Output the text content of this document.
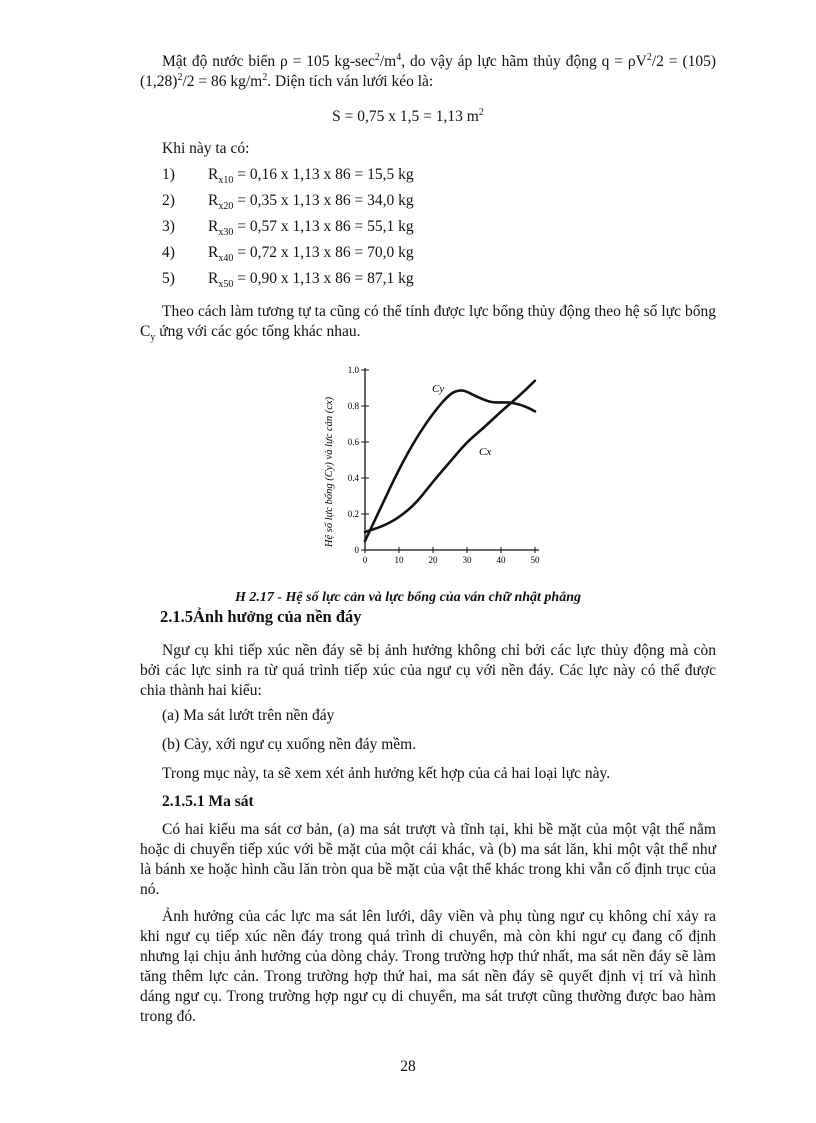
Mật độ nước biển ρ = 105 $kg-\sec^2/m^4$, do vậy áp lực hãm thủy động $q = \rho V^2/2 = (105)(1,28)^2/2 = 86$ $kg/m^2$. Diện tích ván lưới kéo là:

S = 0,75 x 1,5 = 1,13 $m^2$
Khi này ta có:
1) $R_{x10} = 0,16$ x 1,13 x 86 = 15,5 kg
2) $R_{x20} = 0,35$ x 1,13 x 86 = 34,0 kg
3) $R_{x30} = 0,57$ x 1,13 x 86 = 55,1 kg
4) $R_{x40} = 0,72$ x 1,13 x 86 = 70,0 kg
5) $R_{x50} = 0,90$ x 1,13 x 86 = 87,1 kg

Theo cách làm tương tự ta cũng có thể tính được lực bổng thủy động theo hệ số lực bổng $C_y$ ứng với các góc tống khác nhau.

0
0.2
0.4
0.6
0.8
1.0
0	10	20	30	40	50
Hệ số lực bổng (Cy) và lực cản (cx)
Cy
Cx
H 2.17 - Hệ số lực cản và lực bổng của ván chữ nhật phẳng
2.1.5Ảnh hưởng của nền đáy

Ngư cụ khi tiếp xúc nền đáy sẽ bị ảnh hưởng không chỉ bởi các lực thủy động mà còn bởi các lực sinh ra từ quá trình tiếp xúc của ngư cụ với nền đáy. Các lực này có thể được chia thành hai kiểu:

(a) Ma sát lướt trên nền đáy
(b) Cày, xới ngư cụ xuống nền đáy mềm.
Trong mục này, ta sẽ xem xét ảnh hưởng kết hợp của cả hai loại lực này.
2.1.5.1 Ma sát

Có hai kiểu ma sát cơ bản, (a) ma sát trượt và tĩnh tại, khi bề mặt của một vật thể nằm hoặc di chuyển tiếp xúc với bề mặt của một cái khác, và (b) ma sát lăn, khi một vật thể như là bánh xe hoặc hình cầu lăn tròn qua bề mặt của vật thể khác trong khi vẫn cố định trục của nó.

Ảnh hưởng của các lực ma sát lên lưới, dây viền và phụ tùng ngư cụ không chỉ xảy ra khi ngư cụ tiếp xúc nền đáy trong quá trình di chuyển, mà còn khi ngư cụ đang cố định nhưng lại chịu ảnh hưởng của dòng chảy. Trong trường hợp thứ nhất, ma sát nền đáy sẽ làm tăng thêm lực cản. Trong trường hợp thứ hai, ma sát nền đáy sẽ quyết định vị trí và hình dáng ngư cụ. Trong trường hợp ngư cụ di chuyển, ma sát trượt cũng thường được bao hàm trong đó.

28
